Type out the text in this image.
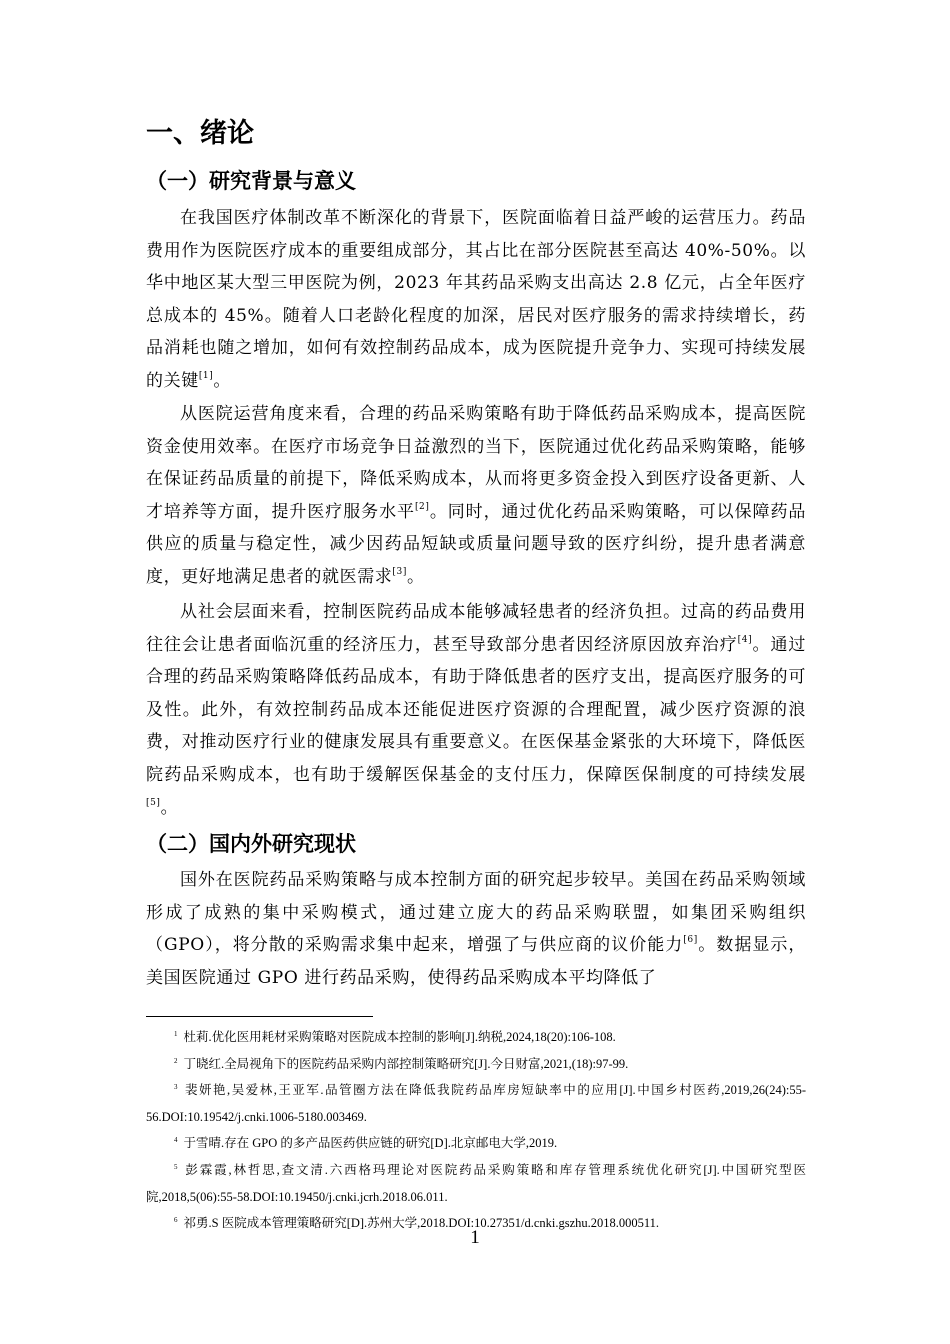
一、绪论
（一）研究背景与意义

在我国医疗体制改革不断深化的背景下，医院面临着日益严峻的运营压力。药品费用作为医院医疗成本的重要组成部分，其占比在部分医院甚至高达 40%-50%。以华中地区某大型三甲医院为例，2023 年其药品采购支出高达 2.8 亿元，占全年医疗总成本的 45%。随着人口老龄化程度的加深，居民对医疗服务的需求持续增长，药品消耗也随之增加，如何有效控制药品成本，成为医院提升竞争力、实现可持续发展的关键[1]。

从医院运营角度来看，合理的药品采购策略有助于降低药品采购成本，提高医院资金使用效率。在医疗市场竞争日益激烈的当下，医院通过优化药品采购策略，能够在保证药品质量的前提下，降低采购成本，从而将更多资金投入到医疗设备更新、人才培养等方面，提升医疗服务水平[2]。同时，通过优化药品采购策略，可以保障药品供应的质量与稳定性，减少因药品短缺或质量问题导致的医疗纠纷，提升患者满意度，更好地满足患者的就医需求[3]。

从社会层面来看，控制医院药品成本能够减轻患者的经济负担。过高的药品费用往往会让患者面临沉重的经济压力，甚至导致部分患者因经济原因放弃治疗[4]。通过合理的药品采购策略降低药品成本，有助于降低患者的医疗支出，提高医疗服务的可及性。此外，有效控制药品成本还能促进医疗资源的合理配置，减少医疗资源的浪费，对推动医疗行业的健康发展具有重要意义。在医保基金紧张的大环境下，降低医院药品采购成本，也有助于缓解医保基金的支付压力，保障医保制度的可持续发展[5]。

（二）国内外研究现状

国外在医院药品采购策略与成本控制方面的研究起步较早。美国在药品采购领域形成了成熟的集中采购模式，通过建立庞大的药品采购联盟，如集团采购组织（GPO），将分散的采购需求集中起来，增强了与供应商的议价能力[6]。数据显示，美国医院通过 GPO 进行药品采购，使得药品采购成本平均降低了

$^1$ 杜莉.优化医用耗材采购策略对医院成本控制的影响[J].纳税,2024,18(20):106-108.

$^2$ 丁晓红.全局视角下的医院药品采购内部控制策略研究[J].今日财富,2021,(18):97-99.

$^3$ 裴妍艳,吴爱林,王亚军.品管圈方法在降低我院药品库房短缺率中的应用[J].中国乡村医药,2019,26(24):55-56.DOI:10.19542/j.cnki.1006-5180.003469.

$^4$ 于雪晴.存在 GPO 的多产品医药供应链的研究[D].北京邮电大学,2019.

$^5$ 彭霖霞,林哲思,查文清.六西格玛理论对医院药品采购策略和库存管理系统优化研究[J].中国研究型医院,2018,5(06):55-58.DOI:10.19450/j.cnki.jcrh.2018.06.011.

$^6$ 祁勇.S 医院成本管理策略研究[D].苏州大学,2018.DOI:10.27351/d.cnki.gszhu.2018.000511.

1
